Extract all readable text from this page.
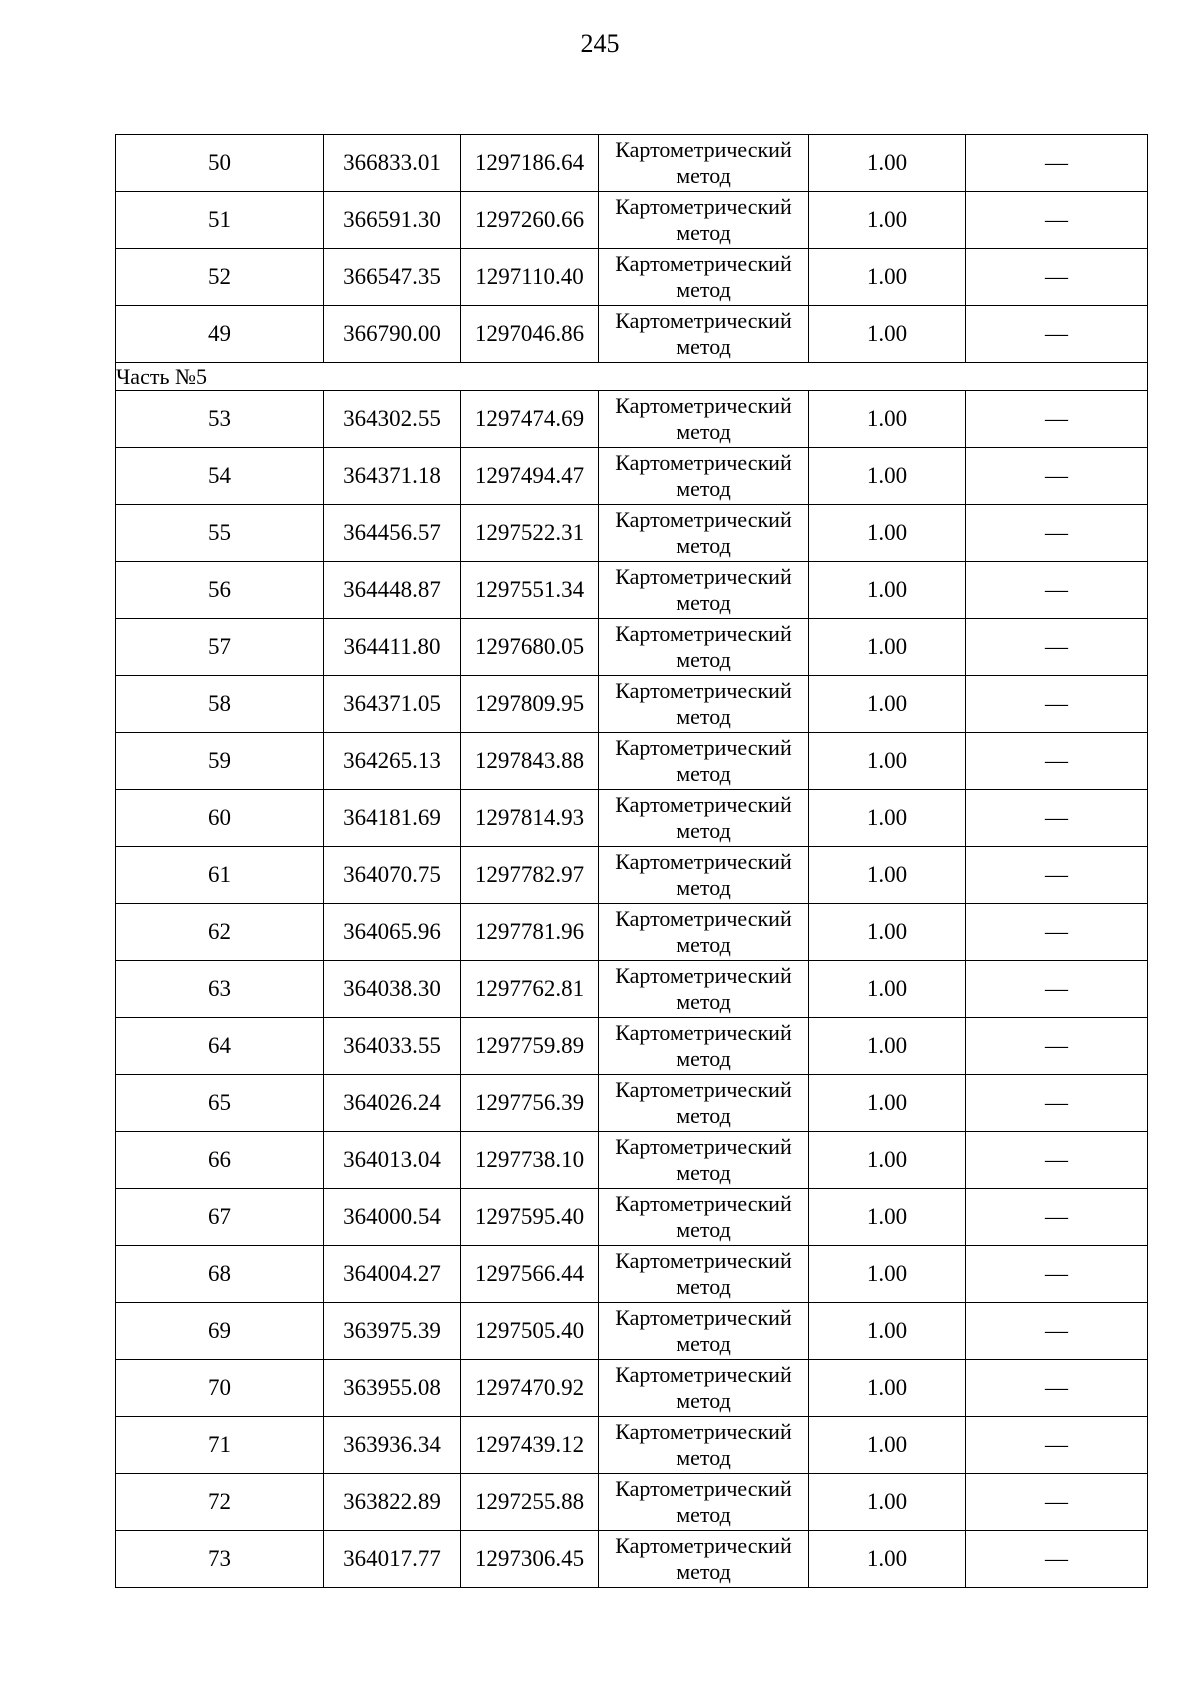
245
50	366833.01	1297186.64	Картометрический метод	1.00	—
51	366591.30	1297260.66	Картометрический метод	1.00	—
52	366547.35	1297110.40	Картометрический метод	1.00	—
49	366790.00	1297046.86	Картометрический метод	1.00	—
Часть №5					
53	364302.55	1297474.69	Картометрический метод	1.00	—
54	364371.18	1297494.47	Картометрический метод	1.00	—
55	364456.57	1297522.31	Картометрический метод	1.00	—
56	364448.87	1297551.34	Картометрический метод	1.00	—
57	364411.80	1297680.05	Картометрический метод	1.00	—
58	364371.05	1297809.95	Картометрический метод	1.00	—
59	364265.13	1297843.88	Картометрический метод	1.00	—
60	364181.69	1297814.93	Картометрический метод	1.00	—
61	364070.75	1297782.97	Картометрический метод	1.00	—
62	364065.96	1297781.96	Картометрический метод	1.00	—
63	364038.30	1297762.81	Картометрический метод	1.00	—
64	364033.55	1297759.89	Картометрический метод	1.00	—
65	364026.24	1297756.39	Картометрический метод	1.00	—
66	364013.04	1297738.10	Картометрический метод	1.00	—
67	364000.54	1297595.40	Картометрический метод	1.00	—
68	364004.27	1297566.44	Картометрический метод	1.00	—
69	363975.39	1297505.40	Картометрический метод	1.00	—
70	363955.08	1297470.92	Картометрический метод	1.00	—
71	363936.34	1297439.12	Картометрический метод	1.00	—
72	363822.89	1297255.88	Картометрический метод	1.00	—
73	364017.77	1297306.45	Картометрический метод	1.00	—
